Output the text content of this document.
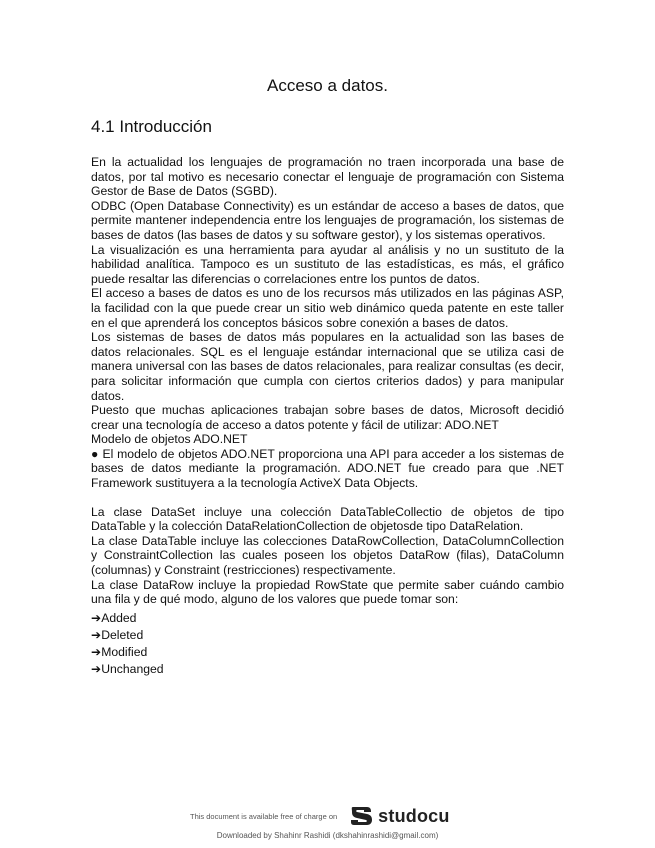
Acceso a datos.
4.1 Introducción

En la actualidad los lenguajes de programación no traen incorporada una base de datos, por tal motivo es necesario conectar el lenguaje de programación con Sistema Gestor de Base de Datos (SGBD).

ODBC (Open Database Connectivity) es un estándar de acceso a bases de datos, que permite mantener independencia entre los lenguajes de programación, los sistemas de bases de datos (las bases de datos y su software gestor), y los sistemas operativos.

La visualización es una herramienta para ayudar al análisis y no un sustituto de la habilidad analítica. Tampoco es un sustituto de las estadísticas, es más, el gráfico puede resaltar las diferencias o correlaciones entre los puntos de datos.

El acceso a bases de datos es uno de los recursos más utilizados en las páginas ASP, la facilidad con la que puede crear un sitio web dinámico queda patente en este taller en el que aprenderá los conceptos básicos sobre conexión a bases de datos.

Los sistemas de bases de datos más populares en la actualidad son las bases de datos relacionales. SQL es el lenguaje estándar internacional que se utiliza casi de manera universal con las bases de datos relacionales, para realizar consultas (es decir, para solicitar información que cumpla con ciertos criterios dados) y para manipular datos.

Puesto que muchas aplicaciones trabajan sobre bases de datos, Microsoft decidió crear una tecnología de acceso a datos potente y fácil de utilizar: ADO.NET

Modelo de objetos ADO.NET

● El modelo de objetos ADO.NET proporciona una API para acceder a los sistemas de bases de datos mediante la programación. ADO.NET fue creado para que .NET Framework sustituyera a la tecnología ActiveX Data Objects.

La clase DataSet incluye una colección DataTableCollectio de objetos de tipo DataTable y la colección DataRelationCollection de objetosde tipo DataRelation.

La clase DataTable incluye las colecciones DataRowCollection, DataColumnCollection y ConstraintCollection las cuales poseen los objetos DataRow (filas), DataColumn (columnas) y Constraint (restricciones) respectivamente.

La clase DataRow incluye la propiedad RowState que permite saber cuándo cambio una fila y de qué modo, alguno de los valores que puede tomar son:

➔Added
➔Deleted
➔Modified
➔Unchanged
This document is available free of charge on studocu
Downloaded by Shahinr Rashidi (dkshahinrashidi@gmail.com)
